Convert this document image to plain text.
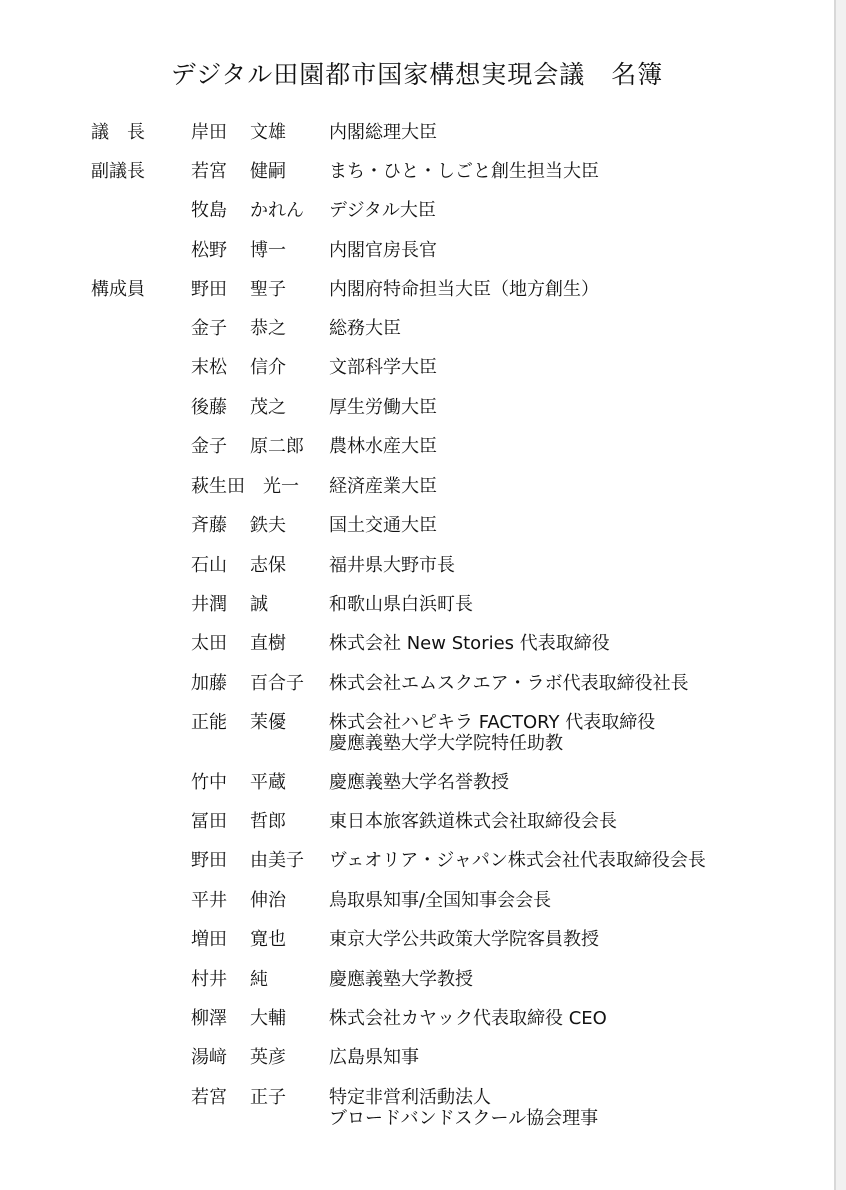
デジタル田園都市国家構想実現会議　名簿
議　長	岸田 文雄 内閣総理大臣
副議長	若宮 健嗣 まち・ひと・しごと創生担当大臣
牧島 かれん デジタル大臣
松野 博一 内閣官房長官
構成員	野田 聖子 内閣府特命担当大臣（地方創生）
金子 恭之 総務大臣
末松 信介 文部科学大臣
後藤 茂之 厚生労働大臣
金子 原二郎 農林水産大臣
萩生田　光一 経済産業大臣
斉藤 鉄夫 国土交通大臣
石山 志保 福井県大野市長
井潤 誠	和歌山県白浜町長
太田 直樹 株式会社 New Stories 代表取締役
加藤 百合子 株式会社エムスクエア・ラボ代表取締役社長
正能 茉優 株式会社ハピキラ FACTORY 代表取締役
慶應義塾大学大学院特任助教
竹中 平蔵 慶應義塾大学名誉教授
冨田 哲郎 東日本旅客鉄道株式会社取締役会長
野田 由美子 ヴェオリア・ジャパン株式会社代表取締役会長
平井 伸治 鳥取県知事/全国知事会会長
増田 寛也 東京大学公共政策大学院客員教授
村井 純	慶應義塾大学教授
柳澤 大輔 株式会社カヤック代表取締役 CEO
湯﨑 英彦 広島県知事
若宮 正子 特定非営利活動法人
ブロードバンドスクール協会理事
